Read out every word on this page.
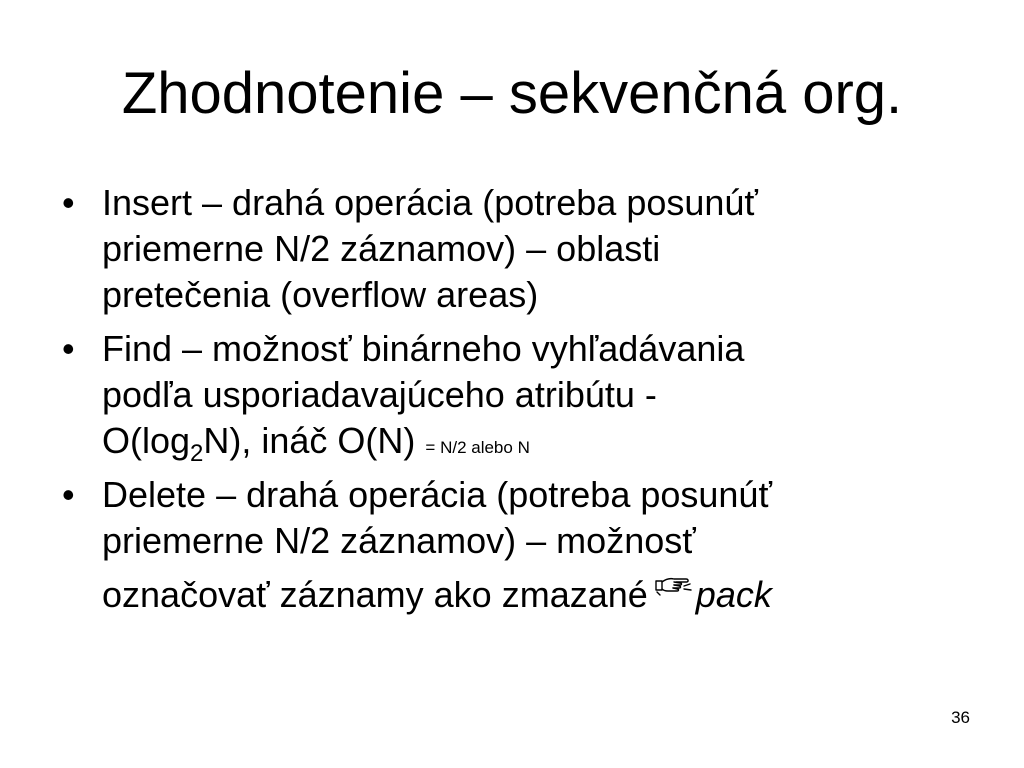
Zhodnotenie – sekvenčná org.
• Insert – drahá operácia (potreba posunúť
priemerne N/2 záznamov) – oblasti
pretečenia (overflow areas)
• Find – možnosť binárneho vyhľadávania
podľa usporiadavajúceho atribútu -
$O(\log_2N)$, ináč O(N) = N/2 alebo N
• Delete – drahá operácia (potreba posunúť
priemerne N/2 záznamov) – možnosť
označovať záznamy ako zmazané pack
36
